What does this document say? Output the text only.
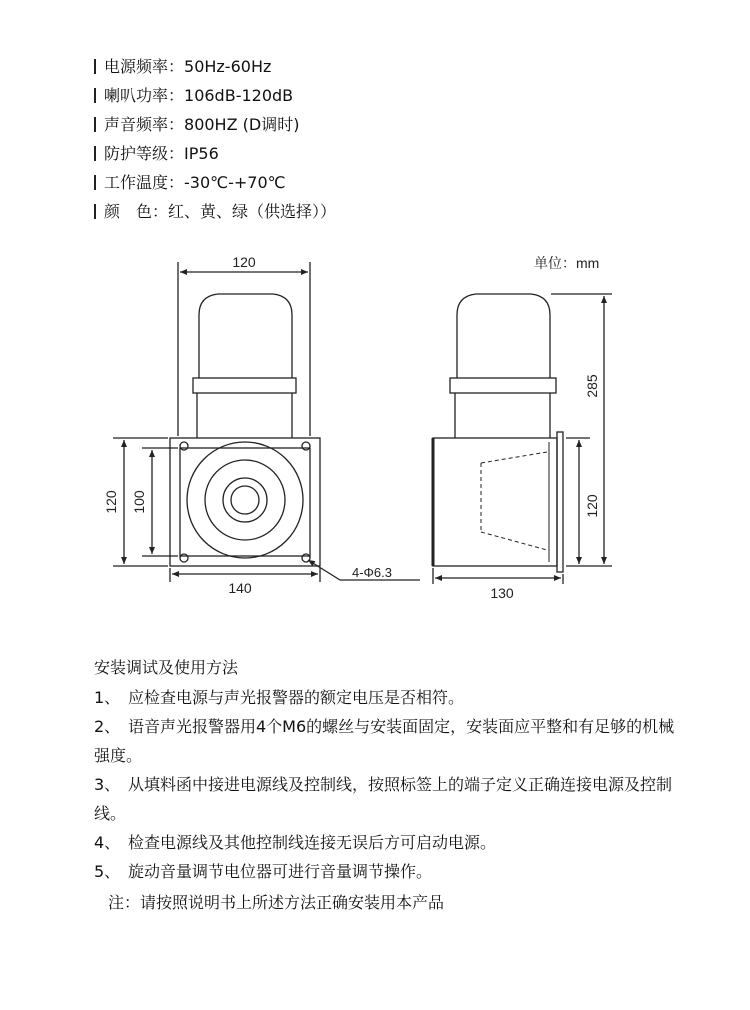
电源频率：50Hz-60Hz
喇叭功率：106dB-120dB
声音频率：800HZ (D调时)
防护等级：IP56
工作温度：-30℃-+70℃
颜　色：红、黄、绿（供选择））
120
120 100
140
4-Φ6.3
285
120
130
单位：mm
安装调试及使用方法
1、 应检查电源与声光报警器的额定电压是否相符。
2、 语音声光报警器用4个M6的螺丝与安装面固定，安装面应平整和有足够的机械强度。
3、 从填料函中接进电源线及控制线，按照标签上的端子定义正确连接电源及控制线。
4、 检查电源线及其他控制线连接无误后方可启动电源。
5、 旋动音量调节电位器可进行音量调节操作。
注：请按照说明书上所述方法正确安装用本产品
